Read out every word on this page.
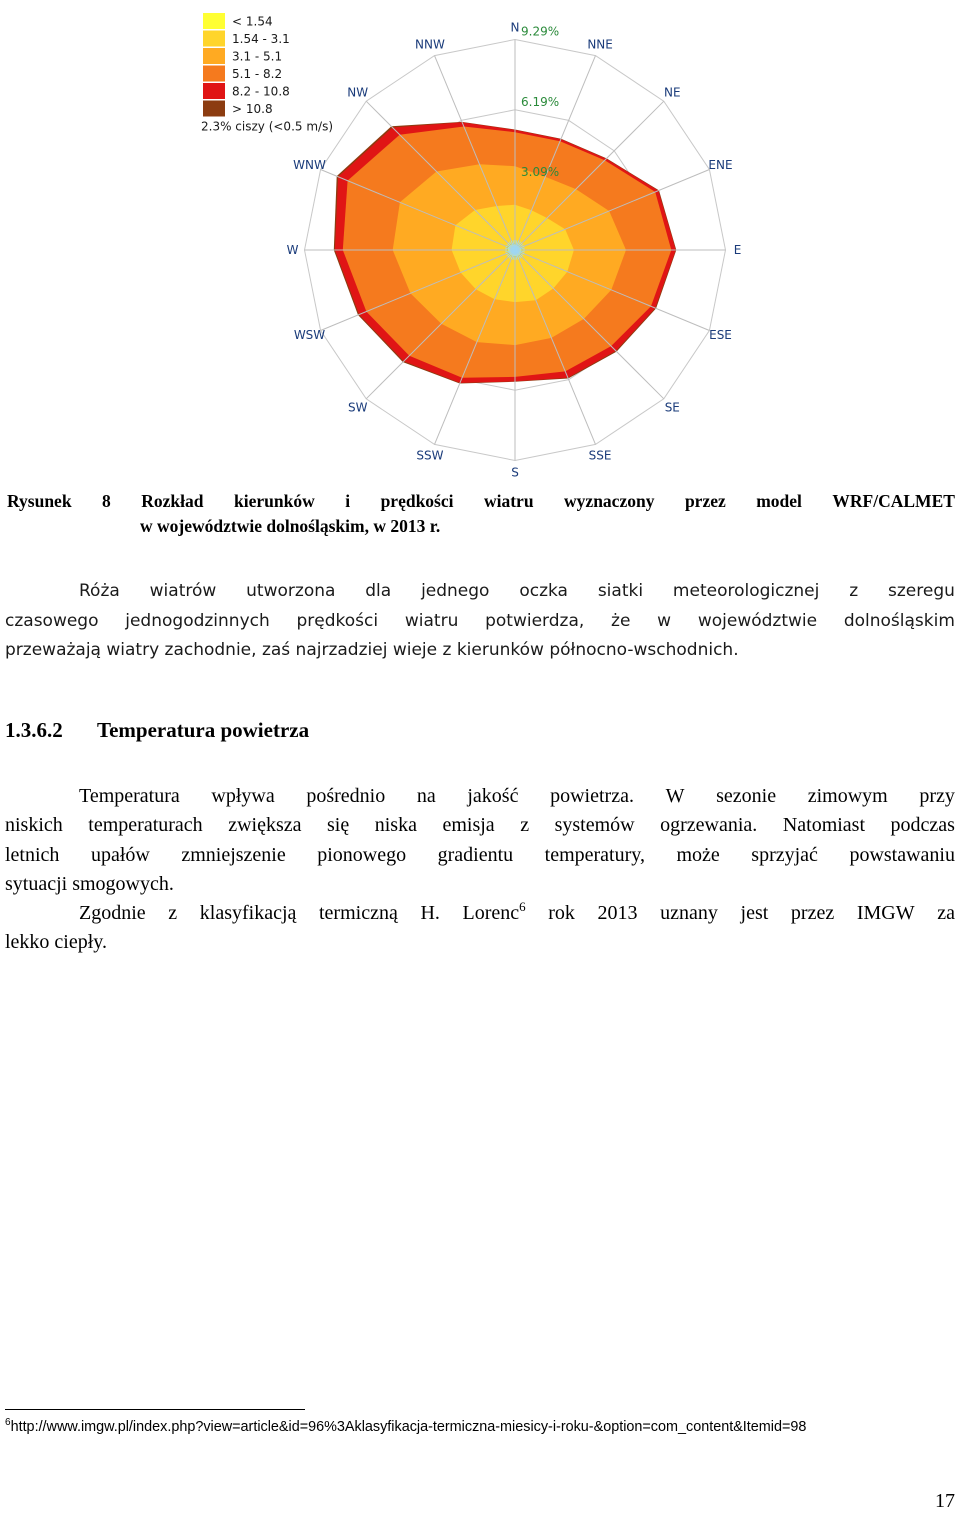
N
NNE
NE
ENE
E
ESE
SE
SSE
S
SSW
SW
WSW
W
WNW
NW
NNW
3.09%
6.19%
9.29%
< 1.54
1.54 - 3.1
3.1 - 5.1
5.1 - 8.2
8.2 - 10.8
> 10.8
2.3% ciszy (<0.5 m/s)
Rysunek 8 Rozkład kierunków i prędkości wiatru wyznaczony przez model WRF/CALMET
w województwie dolnośląskim, w 2013 r.
Róża wiatrów utworzona dla jednego oczka siatki meteorologicznej z szeregu
czasowego jednogodzinnych prędkości wiatru potwierdza, że w województwie dolnośląskim
przeważają wiatry zachodnie, zaś najrzadziej wieje z kierunków północno-wschodnich.
1.3.6.2 Temperatura powietrza
Temperatura wpływa pośrednio na jakość powietrza. W sezonie zimowym przy
niskich temperaturach zwiększa się niska emisja z systemów ogrzewania. Natomiast podczas
letnich upałów zmniejszenie pionowego gradientu temperatury, może sprzyjać powstawaniu
sytuacji smogowych.
Zgodnie z klasyfikacją termiczną H. Lorenc$^6$ rok 2013 uznany jest przez IMGW za
lekko ciepły.
$^6$http://www.imgw.pl/index.php?view=article&id=96%3Aklasyfikacja-termiczna-miesicy-i-roku-&option=com_content&Itemid=98
17
